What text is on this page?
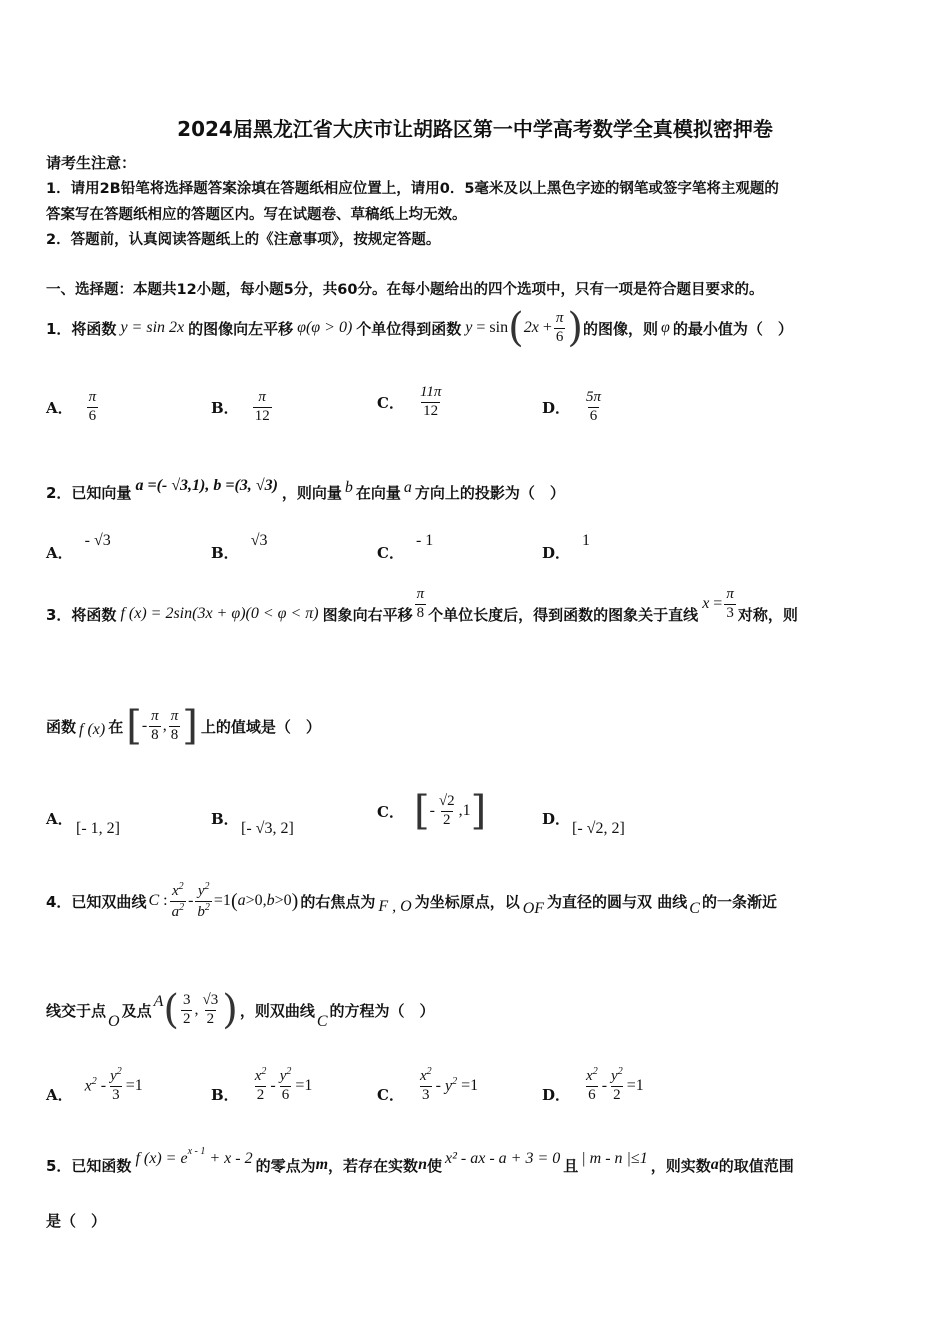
2024届黑龙江省大庆市让胡路区第一中学高考数学全真模拟密押卷
请考生注意：
1．请用2B铅笔将选择题答案涂填在答题纸相应位置上，请用0．5毫米及以上黑色字迹的钢笔或签字笔将主观题的
答案写在答题纸相应的答题区内。写在试题卷、草稿纸上均无效。
2．答题前，认真阅读答题纸上的《注意事项》，按规定答题。
一、选择题：本题共12小题，每小题5分，共60分。在每小题给出的四个选项中，只有一项是符合题目要求的。
1．将函数 y = sin 2x 的图像向左平移 φ(φ > 0) 个单位得到函数 y = sin ( $2x + \frac{\pi}{6}$ ) 的图像，则 φ 的最小值为（　）
A． $\frac{\pi}{6}$	B． $\frac{\pi}{12}$	C． $\frac{11\pi}{12}$	D． $\frac{5\pi}{6}$
2．已知向量 a =(- √3,1), b =(3, √3) ，则向量 b 在向量 a 方向上的投影为（　）
A．
- √3
B．
√3
C．
- 1
D．
1
3．将函数 f (x) = 2sin(3x + φ)(0 < φ < π) 图象向右平移 $\frac{\pi}{8}$ 个单位长度后，得到函数的图象关于直线
$x = \frac{\pi}{3}$ 对称，则
函数 f (x) 在 [ - $\frac{\pi}{8}$ , $\frac{\pi}{8}$ ] 上的值域是（　）
A．
[- 1, 2]
B．
[- √3, 2]
C． [ - $\frac{√2}{2} ,1$ ]	D．
[- √2, 2]
4．已知双曲线 C : $\frac{x^2}{a^2} - \frac{y^2}{b^2} =1$ ( a >0, b >0 ) 的右焦点为 F , O 为坐标原点，以 OF 为直径的圆与双 曲线 C 的一条渐近
线交于点
O
及点 A ( $\frac{3}{2}$ , $\frac{√3}{2}$ ) ，则双曲线
C
的方程为（　）
A．
$x^2 - \frac{y^2}{3} =1$
B． $\frac{x^2}{2} - \frac{y^2}{6} =1$
C． $\frac{x^2}{3} - y^2 =1$
D． $\frac{x^2}{6} - \frac{y^2}{2} =1$
5．已知函数 f (x) = e x - 1 + x - 2 的零点为 m ，若存在实数 n 使 x² - ax - a + 3 = 0 且 | m - n |≤1 ，则实数 a 的取值范围
是（　）
